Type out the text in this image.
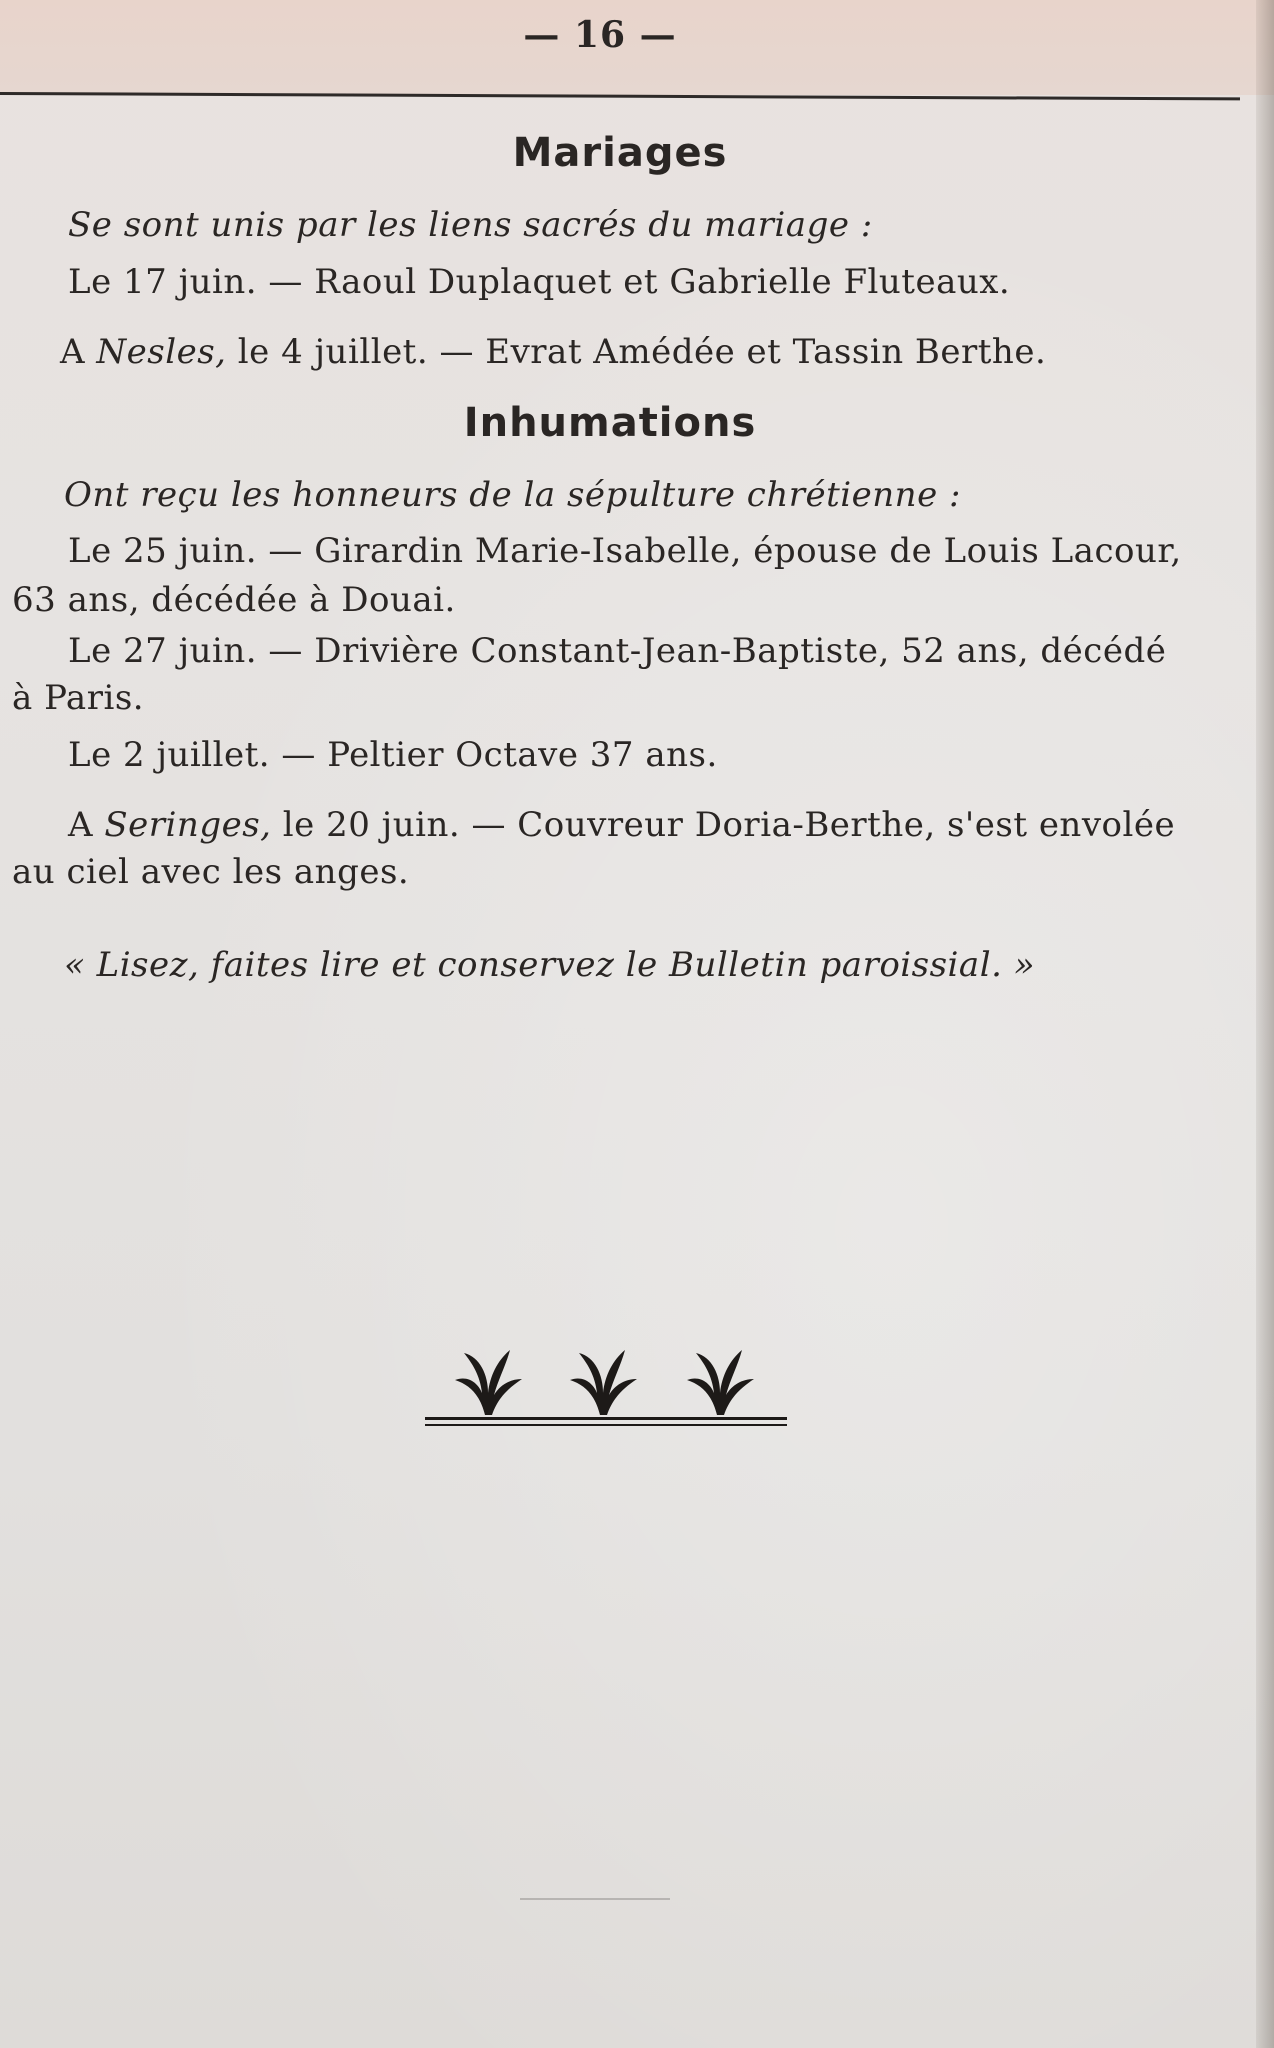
— 16 —
Mariages
Se sont unis par les liens sacrés du mariage :
Le 17 juin. — Raoul Duplaquet et Gabrielle Fluteaux.
A Nesles, le 4 juillet. — Evrat Amédée et Tassin Berthe.
Inhumations
Ont reçu les honneurs de la sépulture chrétienne :
Le 25 juin. — Girardin Marie-Isabelle, épouse de Louis Lacour,
63 ans, décédée à Douai.
Le 27 juin. — Drivière Constant-Jean-Baptiste, 52 ans, décédé
à Paris.
Le 2 juillet. — Peltier Octave 37 ans.
A Seringes, le 20 juin. — Couvreur Doria-Berthe, s'est envolée
au ciel avec les anges.
« Lisez, faites lire et conservez le Bulletin paroissial. »
